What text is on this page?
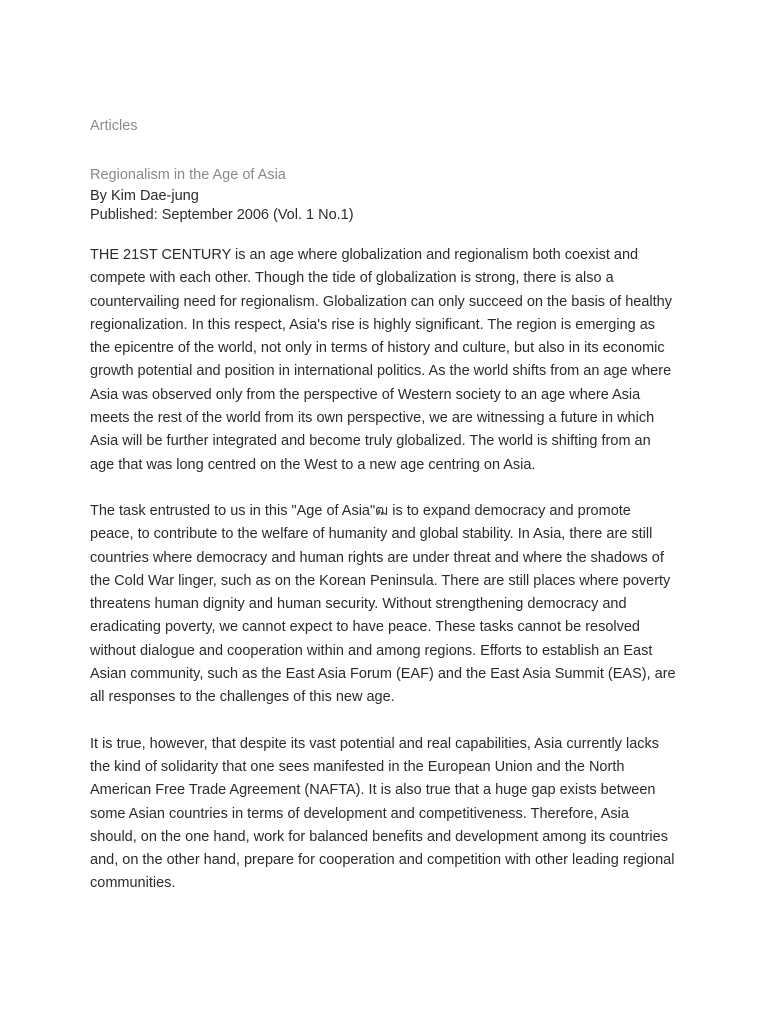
Articles

Regionalism in the Age of Asia

By Kim Dae-jung

Published: September 2006 (Vol. 1 No.1)

THE 21ST CENTURY is an age where globalization and regionalism both coexist and compete with each other. Though the tide of globalization is strong, there is also a countervailing need for regionalism. Globalization can only succeed on the basis of healthy regionalization. In this respect, Asia's rise is highly significant. The region is emerging as the epicentre of the world, not only in terms of history and culture, but also in its economic growth potential and position in international politics. As the world shifts from an age where Asia was observed only from the perspective of Western society to an age where Asia meets the rest of the world from its own perspective, we are witnessing a future in which Asia will be further integrated and become truly globalized. The world is shifting from an age that was long centred on the West to a new age centring on Asia.

The task entrusted to us in this "Age of Asia"ฒ is to expand democracy and promote peace, to contribute to the welfare of humanity and global stability. In Asia, there are still countries where democracy and human rights are under threat and where the shadows of the Cold War linger, such as on the Korean Peninsula. There are still places where poverty threatens human dignity and human security. Without strengthening democracy and eradicating poverty, we cannot expect to have peace. These tasks cannot be resolved without dialogue and cooperation within and among regions. Efforts to establish an East Asian community, such as the East Asia Forum (EAF) and the East Asia Summit (EAS), are all responses to the challenges of this new age.

It is true, however, that despite its vast potential and real capabilities, Asia currently lacks the kind of solidarity that one sees manifested in the European Union and the North American Free Trade Agreement (NAFTA). It is also true that a huge gap exists between some Asian countries in terms of development and competitiveness. Therefore, Asia should, on the one hand, work for balanced benefits and development among its countries and, on the other hand, prepare for cooperation and competition with other leading regional communities.
